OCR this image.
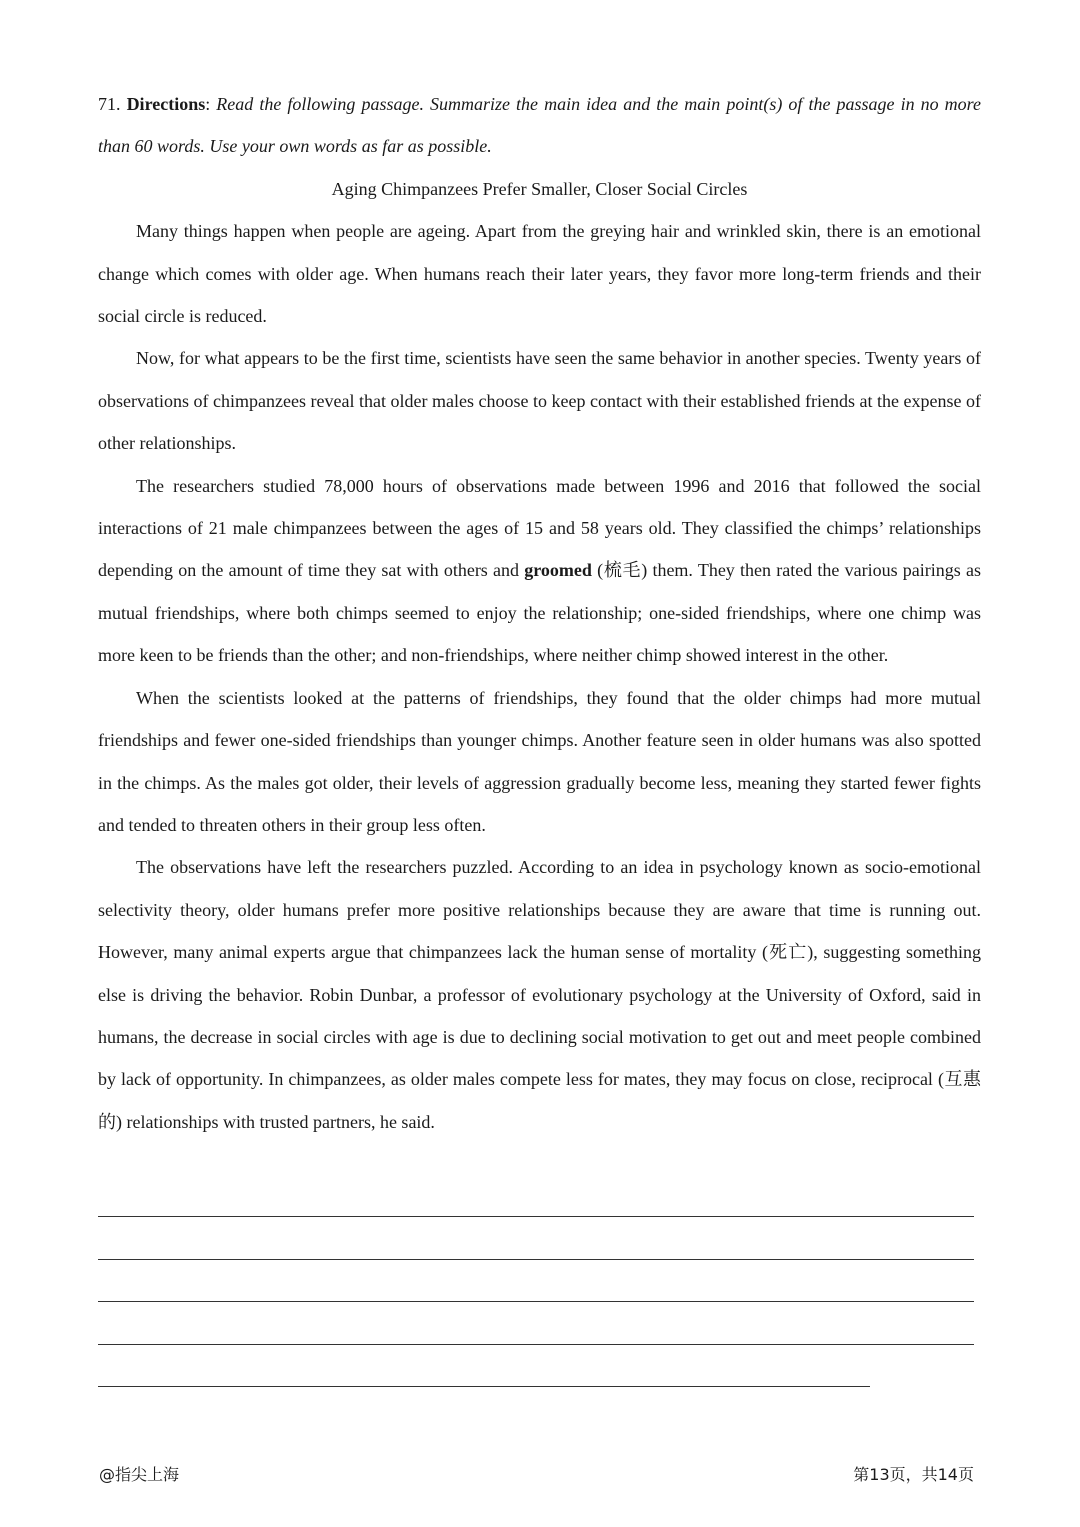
71. Directions: Read the following passage. Summarize the main idea and the main point(s) of the passage in no more than 60 words. Use your own words as far as possible.

Aging Chimpanzees Prefer Smaller, Closer Social Circles

Many things happen when people are ageing. Apart from the greying hair and wrinkled skin, there is an emotional change which comes with older age. When humans reach their later years, they favor more long-term friends and their social circle is reduced.

Now, for what appears to be the first time, scientists have seen the same behavior in another species. Twenty years of observations of chimpanzees reveal that older males choose to keep contact with their established friends at the expense of other relationships.

The researchers studied 78,000 hours of observations made between 1996 and 2016 that followed the social interactions of 21 male chimpanzees between the ages of 15 and 58 years old. They classified the chimps’ relationships depending on the amount of time they sat with others and groomed (梳毛) them. They then rated the various pairings as mutual friendships, where both chimps seemed to enjoy the relationship; one-sided friendships, where one chimp was more keen to be friends than the other; and non-friendships, where neither chimp showed interest in the other.

When the scientists looked at the patterns of friendships, they found that the older chimps had more mutual friendships and fewer one-sided friendships than younger chimps. Another feature seen in older humans was also spotted in the chimps. As the males got older, their levels of aggression gradually become less, meaning they started fewer fights and tended to threaten others in their group less often.

The observations have left the researchers puzzled. According to an idea in psychology known as socio-emotional selectivity theory, older humans prefer more positive relationships because they are aware that time is running out. However, many animal experts argue that chimpanzees lack the human sense of mortality (死亡), suggesting something else is driving the behavior. Robin Dunbar, a professor of evolutionary psychology at the University of Oxford, said in humans, the decrease in social circles with age is due to declining social motivation to get out and meet people combined by lack of opportunity. In chimpanzees, as older males compete less for mates, they may focus on close, reciprocal (互惠的) relationships with trusted partners, he said.

@指尖上海	第13页，共14页
